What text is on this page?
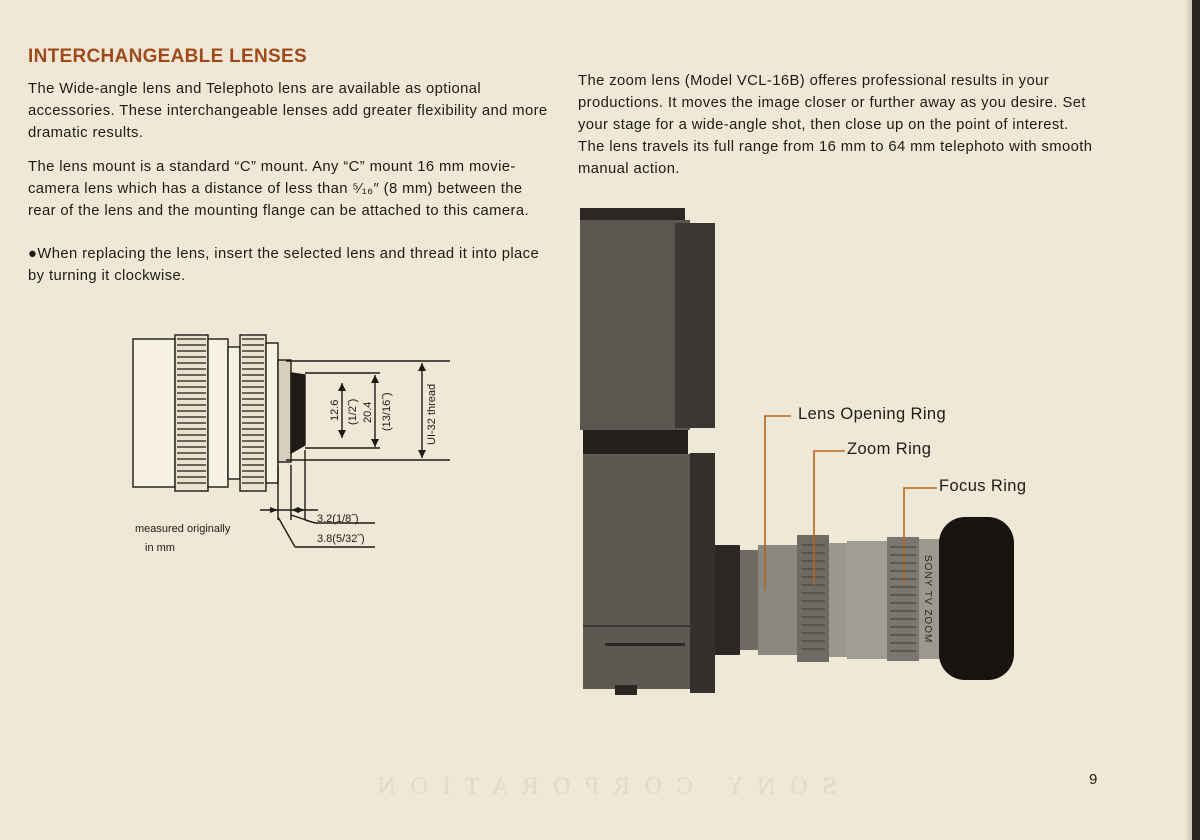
INTERCHANGEABLE LENSES

The Wide-angle lens and Telephoto lens are available as optional accessories. These interchangeable lenses add greater flexibility and more dramatic results.

The lens mount is a standard “C” mount. Any “C” mount 16 mm movie-camera lens which has a distance of less than ⁵⁄₁₆″ (8 mm) between the rear of the lens and the mounting flange can be attached to this camera.

●When replacing the lens, insert the selected lens and thread it into place by turning it clockwise.

12.6 (1/2˝) 20.4 (13/16˝)	UI-32 thread
3.2(1/8˝)
3.8(5/32˝)
measured originally
in mm

The zoom lens (Model VCL-16B) offeres professional results in your productions. It moves the image closer or further away as you desire. Set your stage for a wide-angle shot, then close up on the point of interest. The lens travels its full range from 16 mm to 64 mm telephoto with smooth manual action.

SONY TV ZOOM
Lens Opening Ring
Zoom Ring
Focus Ring
SONY CORPORATION	9
